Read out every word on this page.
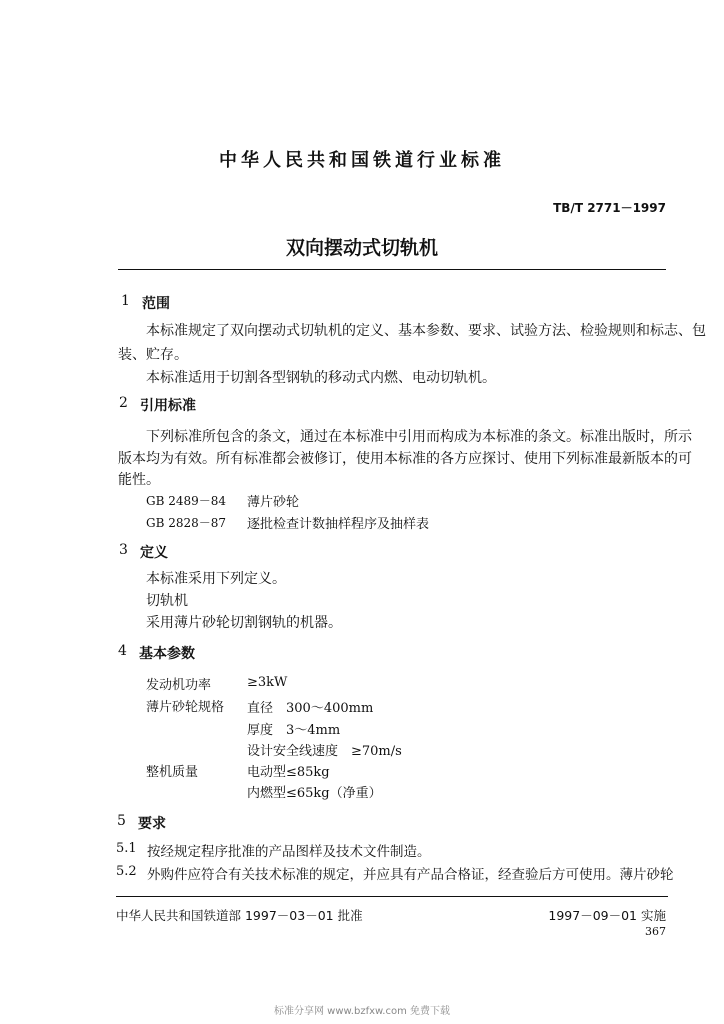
中华人民共和国铁道行业标准
TB/T 2771－1997
双向摆动式切轨机
1 范围
本标准规定了双向摆动式切轨机的定义、基本参数、要求、试验方法、检验规则和标志、包
装、贮存。
本标准适用于切割各型钢轨的移动式内燃、电动切轨机。
2 引用标准
下列标准所包含的条文，通过在本标准中引用而构成为本标准的条文。标准出版时，所示
版本均为有效。所有标准都会被修订，使用本标准的各方应探讨、使用下列标准最新版本的可
能性。
GB 2489－84 薄片砂轮
GB 2828－87 逐批检查计数抽样程序及抽样表
3 定义
本标准采用下列定义。
切轨机
采用薄片砂轮切割钢轨的机器。
4 基本参数
发动机功率	≥3kW
薄片砂轮规格 直径　300～400mm
厚度　3～4mm
设计安全线速度　≥70m/s
整机质量	电动型≤85kg
内燃型≤65kg（净重）
5 要求
5.1 按经规定程序批准的产品图样及技术文件制造。
5.2 外购件应符合有关技术标准的规定，并应具有产品合格证，经查验后方可使用。薄片砂轮
中华人民共和国铁道部 1997－03－01 批准	1997－09－01 实施
367
标准分享网 www.bzfxw.com 免费下载
